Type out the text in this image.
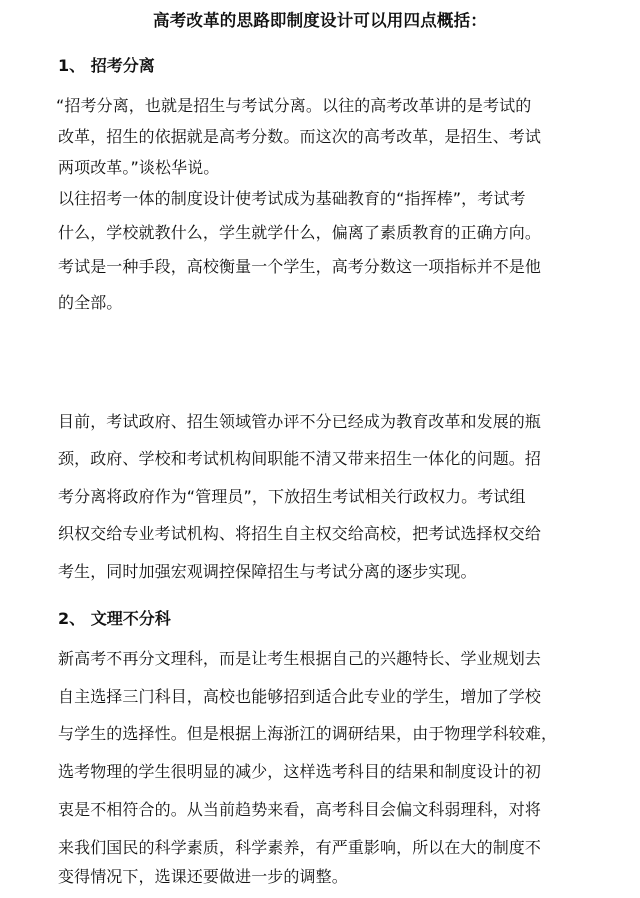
高考改革的思路即制度设计可以用四点概括：
1、 招考分离
“招考分离，也就是招生与考试分离。以往的高考改革讲的是考试的
改革，招生的依据就是高考分数。而这次的高考改革，是招生、考试
两项改革。”谈松华说。
以往招考一体的制度设计使考试成为基础教育的“指挥棒”，考试考
什么，学校就教什么，学生就学什么，偏离了素质教育的正确方向。
考试是一种手段，高校衡量一个学生，高考分数这一项指标并不是他
的全部。
目前，考试政府、招生领域管办评不分已经成为教育改革和发展的瓶
颈，政府、学校和考试机构间职能不清又带来招生一体化的问题。招
考分离将政府作为“管理员”，下放招生考试相关行政权力。考试组
织权交给专业考试机构、将招生自主权交给高校，把考试选择权交给
考生，同时加强宏观调控保障招生与考试分离的逐步实现。
2、 文理不分科
新高考不再分文理科，而是让考生根据自己的兴趣特长、学业规划去
自主选择三门科目，高校也能够招到适合此专业的学生，增加了学校
与学生的选择性。但是根据上海浙江的调研结果，由于物理学科较难，
选考物理的学生很明显的减少，这样选考科目的结果和制度设计的初
衷是不相符合的。从当前趋势来看，高考科目会偏文科弱理科，对将
来我们国民的科学素质，科学素养，有严重影响，所以在大的制度不
变得情况下，选课还要做进一步的调整。
